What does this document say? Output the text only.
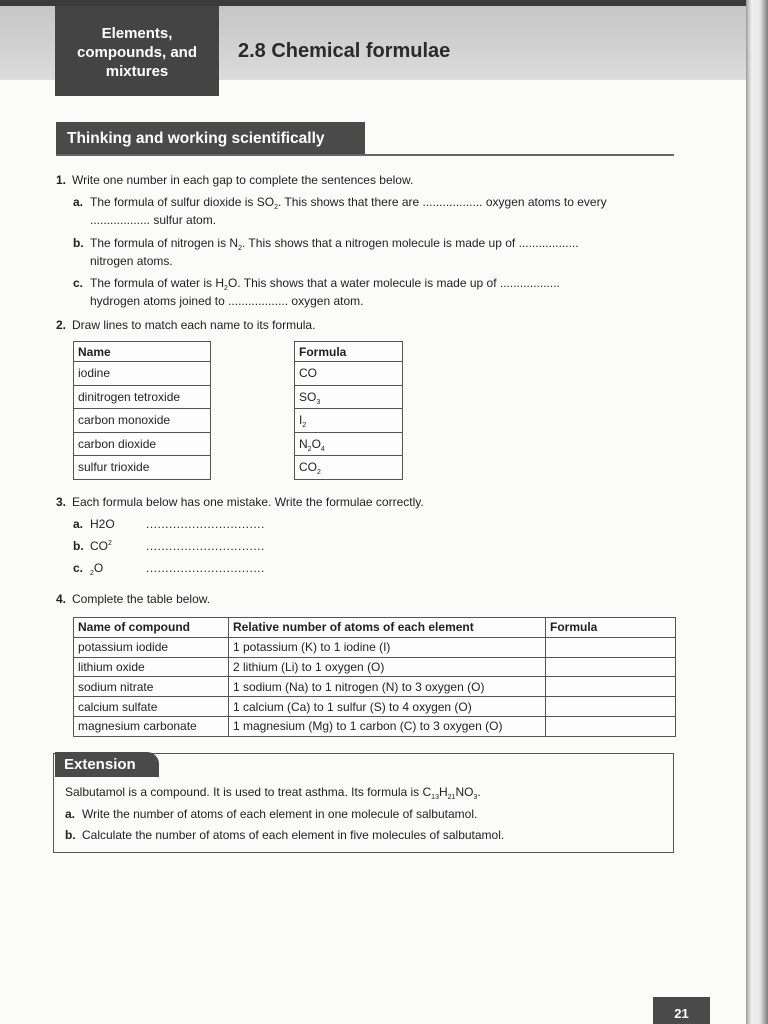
Elements,
compounds, and
mixtures
2.8 Chemical formulae
Thinking and working scientifically
1. Write one number in each gap to complete the sentences below.
a. The formula of sulfur dioxide is $SO_2$. This shows that there are .................. oxygen atoms to every
.................. sulfur atom.
b. The formula of nitrogen is $N_2$. This shows that a nitrogen molecule is made up of ..................
nitrogen atoms.
c. The formula of water is $H_2O$. This shows that a water molecule is made up of ..................
hydrogen atoms joined to .................. oxygen atom.
2. Draw lines to match each name to its formula.
Name
iodine
dinitrogen tetroxide
carbon monoxide
carbon dioxide
sulfur trioxide
Formula
CO
$SO_3$
$I_2$
$N_2O_4$
$CO_2$
3. Each formula below has one mistake. Write the formulae correctly.
a. H2O	...............................
b. $CO^2$	...............................
c. $_2$O	...............................
4. Complete the table below.
Name of compound	Relative number of atoms of each element	Formula
potassium iodide	1 potassium (K) to 1 iodine (I)	
lithium oxide	2 lithium (Li) to 1 oxygen (O)	
sodium nitrate	1 sodium (Na) to 1 nitrogen (N) to 3 oxygen (O)	
calcium sulfate	1 calcium (Ca) to 1 sulfur (S) to 4 oxygen (O)	
magnesium carbonate	1 magnesium (Mg) to 1 carbon (C) to 3 oxygen (O)	
Extension
Salbutamol is a compound. It is used to treat asthma. Its formula is $C_{13}H_{21}NO_3$.
a. Write the number of atoms of each element in one molecule of salbutamol.
b. Calculate the number of atoms of each element in five molecules of salbutamol.
21
